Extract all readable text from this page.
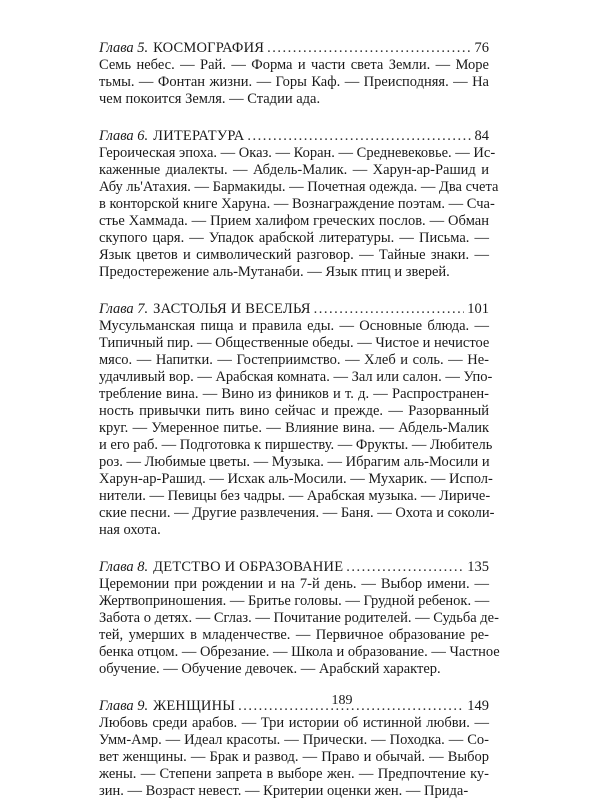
Глава 5. КОСМОГРАФИЯ .....	76
Семь небес. — Рай. — Форма и части света Земли. — Море
тьмы. — Фонтан жизни. — Горы Каф. — Преисподняя. — На
чем покоится Земля. — Стадии ада.
Глава 6. ЛИТЕРАТУРА .....	84
Героическая эпоха. — Оказ. — Коран. — Средневековье. — Ис-
каженные диалекты. — Абдель-Малик. — Харун-ар-Рашид и
Абу ль'Атахия. — Бармакиды. — Почетная одежда. — Два счета
в конторской книге Харуна. — Вознаграждение поэтам. — Сча-
стье Хаммада. — Прием халифом греческих послов. — Обман
скупого царя. — Упадок арабской литературы. — Письма. —
Язык цветов и символический разговор. — Тайные знаки. —
Предостережение аль-Мутанаби. — Язык птиц и зверей.
Глава 7. ЗАСТОЛЬЯ И ВЕСЕЛЬЯ .....	101
Мусульманская пища и правила еды. — Основные блюда. —
Типичный пир. — Общественные обеды. — Чистое и нечистое
мясо. — Напитки. — Гостеприимство. — Хлеб и соль. — Не-
удачливый вор. — Арабская комната. — Зал или салон. — Упо-
требление вина. — Вино из фиников и т. д. — Распространен-
ность привычки пить вино сейчас и прежде. — Разорванный
круг. — Умеренное питье. — Влияние вина. — Абдель-Малик
и его раб. — Подготовка к пиршеству. — Фрукты. — Любитель
роз. — Любимые цветы. — Музыка. — Ибрагим аль-Мосили и
Харун-ар-Рашид. — Исхак аль-Мосили. — Мухарик. — Испол-
нители. — Певицы без чадры. — Арабская музыка. — Лириче-
ские песни. — Другие развлечения. — Баня. — Охота и соколи-
ная охота.
Глава 8. ДЕТСТВО И ОБРАЗОВАНИЕ .....	135
Церемонии при рождении и на 7-й день. — Выбор имени. —
Жертвоприношения. — Бритье головы. — Грудной ребенок. —
Забота о детях. — Сглаз. — Почитание родителей. — Судьба де-
тей, умерших в младенчестве. — Первичное образование ре-
бенка отцом. — Обрезание. — Школа и образование. — Частное
обучение. — Обучение девочек. — Арабский характер.
Глава 9. ЖЕНЩИНЫ .....	149
Любовь среди арабов. — Три истории об истинной любви. —
Умм-Амр. — Идеал красоты. — Прически. — Походка. — Со-
вет женщины. — Брак и развод. — Право и обычай. — Выбор
жены. — Степени запрета в выборе жен. — Предпочтение ку-
зин. — Возраст невест. — Критерии оценки жен. — Прида-
189
